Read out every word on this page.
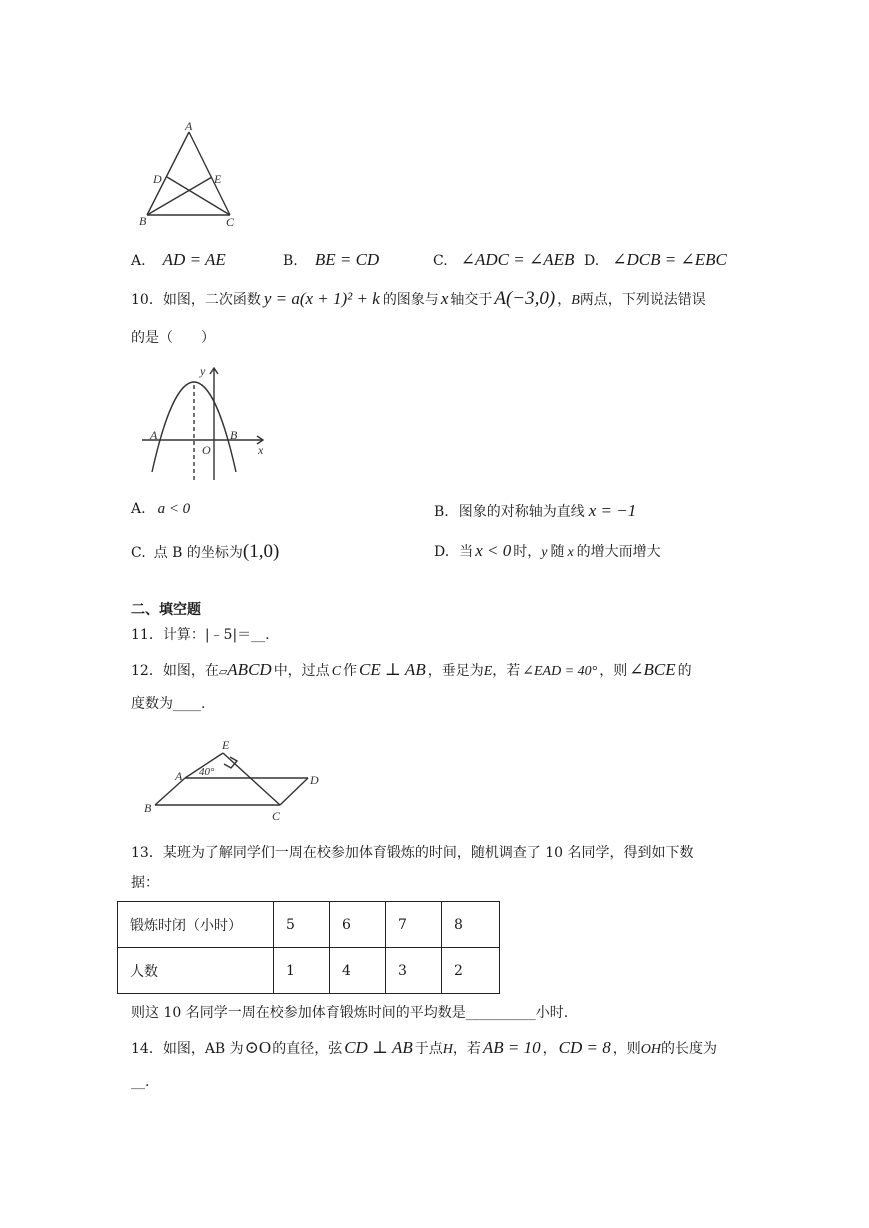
A
D	E
B	C
A. AD = AE	B. BE = CD	C. ∠ADC = ∠AEB D. ∠DCB = ∠EBC
10．如图，二次函数 y = a(x + 1)² + k 的图象与 x 轴交于 A(−3,0) ，B两点，下列说法错误
的是（　　）
y
A
O
B
x
A. a < 0	B. 图象的对称轴为直线 x = −1
C. 点 B 的坐标为(1,0)	D. 当 x < 0 时，y 随 x 的增大而增大
二、填空题
11．计算：|﹣5|＝__.
12．如图，在▱ABCD 中，过点 C 作 CE ⊥ AB ，垂足为E，若 ∠EAD = 40° ，则 ∠BCE 的
度数为____.
E
A	D
B
C
40°
13．某班为了解同学们一周在校参加体育锻炼的时间，随机调查了 10 名同学，得到如下数
据：
锻炼时闭（小时）	5	6	7	8
人数	1	4	3	2
则这 10 名同学一周在校参加体育锻炼时间的平均数是__________小时.
14．如图，AB 为⊙O的直径，弦 CD ⊥ AB 于点H，若 AB = 10 ， CD = 8 ，则OH的长度为
__.
